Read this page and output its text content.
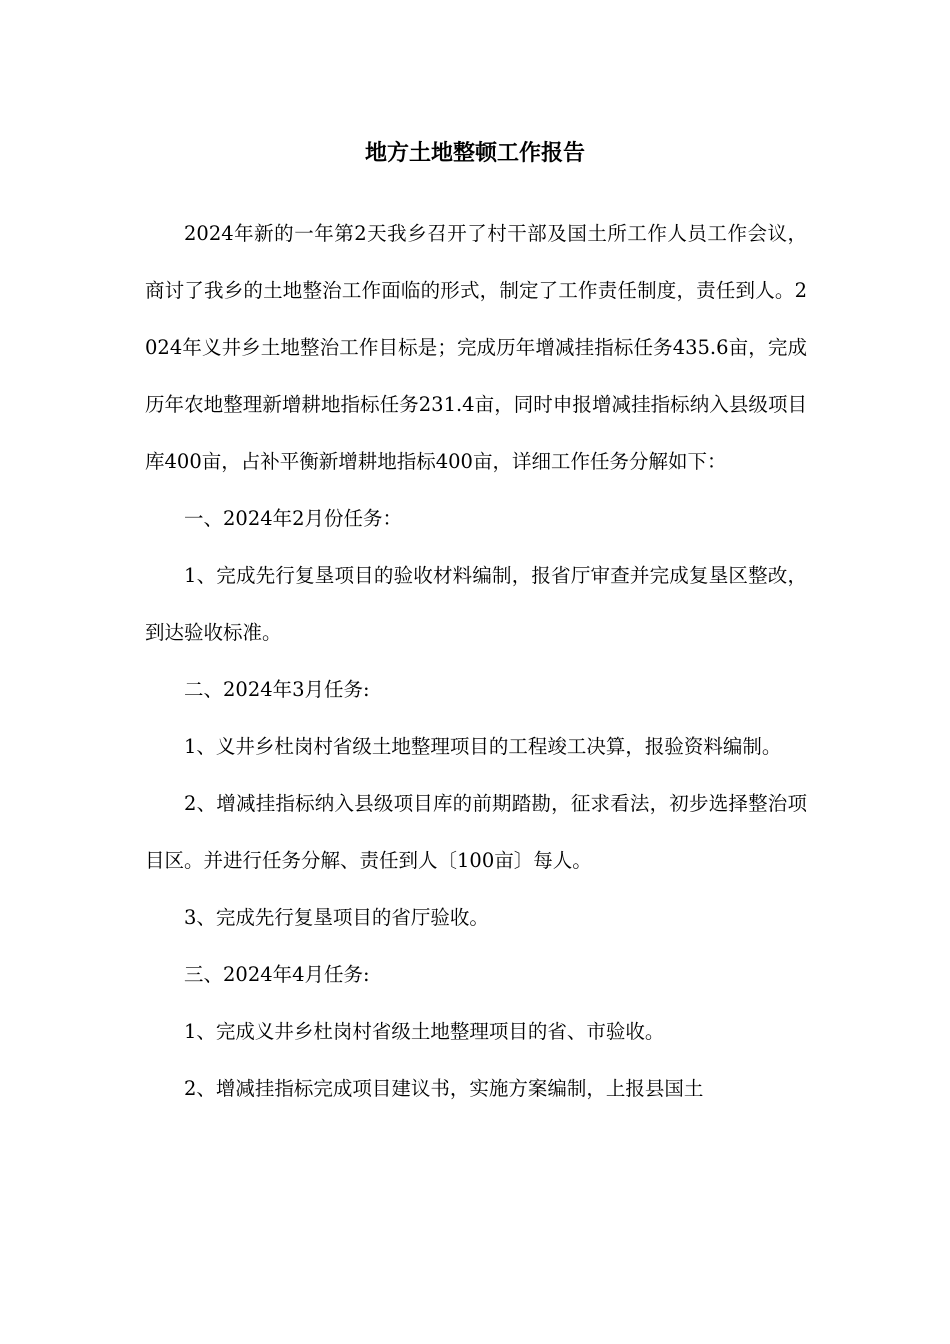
地方土地整顿工作报告

2024年新的一年第2天我乡召开了村干部及国土所工作人员工作会议，商讨了我乡的土地整治工作面临的形式，制定了工作责任制度，责任到人。2024年义井乡土地整治工作目标是；完成历年增减挂指标任务435.6亩，完成历年农地整理新增耕地指标任务231.4亩，同时申报增减挂指标纳入县级项目库400亩，占补平衡新增耕地指标400亩，详细工作任务分解如下：

一、2024年2月份任务：

1、完成先行复垦项目的验收材料编制，报省厅审查并完成复垦区整改，到达验收标准。

二、2024年3月任务:

1、义井乡杜岗村省级土地整理项目的工程竣工决算，报验资料编制。

2、增减挂指标纳入县级项目库的前期踏勘，征求看法，初步选择整治项目区。并进行任务分解、责任到人〔100亩〕每人。

3、完成先行复垦项目的省厅验收。

三、2024年4月任务:

1、完成义井乡杜岗村省级土地整理项目的省、市验收。

2、增减挂指标完成项目建议书，实施方案编制，上报县国土
